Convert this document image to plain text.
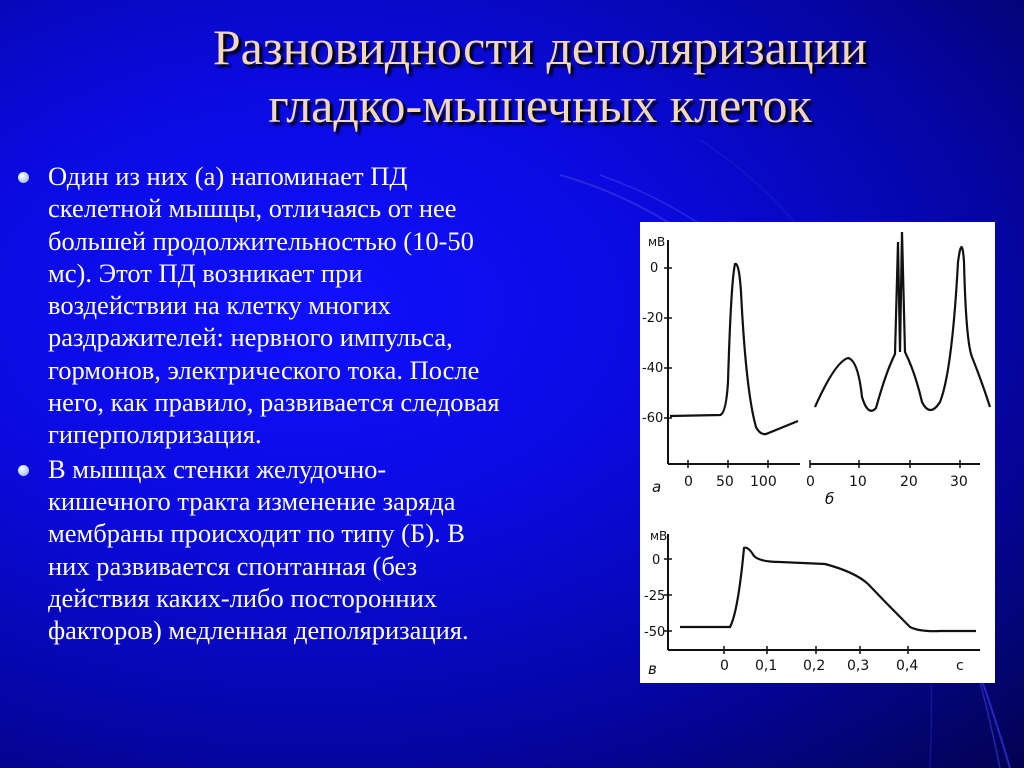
Разновидности деполяризации
гладко-мышечных клеток
Один из них (а) напоминает ПД
скелетной мышцы, отличаясь от нее
большей продолжительностью (10-50
мс). Этот ПД возникает при
воздействии на клетку многих
раздражителей: нервного импульса,
гормонов, электрического тока. После
него, как правило, развивается следовая
гиперполяризация.
В мышцах стенки желудочно-
кишечного тракта изменение заряда
мембраны происходит по типу (Б). В
них развивается спонтанная (без
действия каких-либо посторонних
факторов) медленная деполяризация.
мВ
0
-20
-40
-60
0 50 100
а	0 10 20 30
б
мВ
0
-25
-50
0 0,1 0,2 0,3 0,4	с
в
